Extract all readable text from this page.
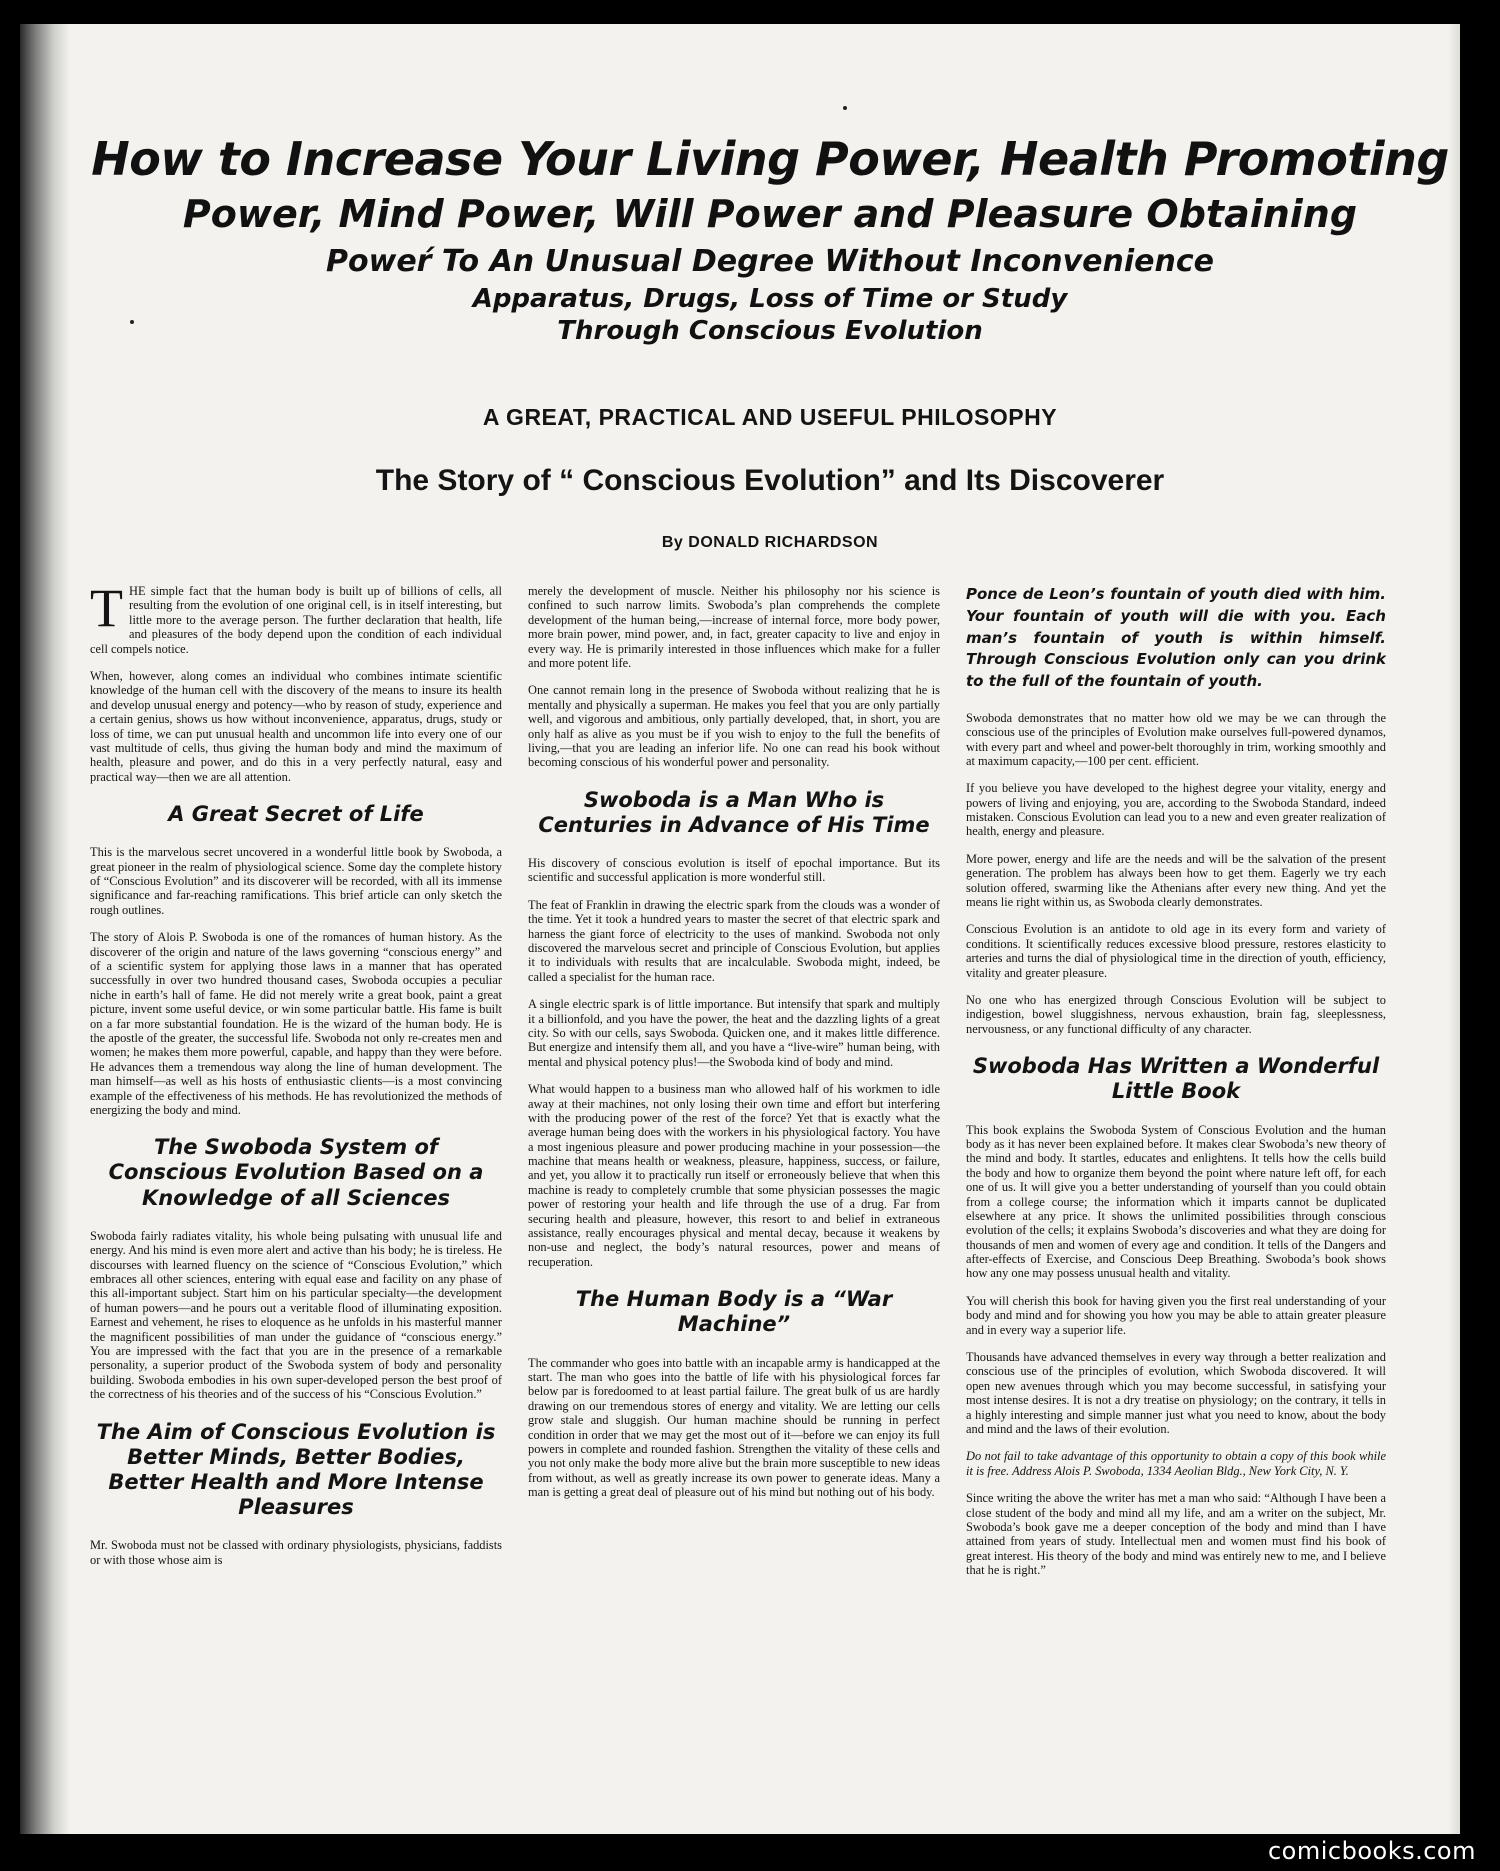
How to Increase Your Living Power, Health Promoting
Power, Mind Power, Will Power and Pleasure Obtaining
Poweŕ To An Unusual Degree Without Inconvenience
Apparatus, Drugs, Loss of Time or Study
Through Conscious Evolution
A GREAT, PRACTICAL AND USEFUL PHILOSOPHY
The Story of “ Conscious Evolution” and Its Discoverer
By DONALD RICHARDSON

THE simple fact that the human body is built up of billions of cells, all resulting from the evolution of one original cell, is in itself interesting, but little more to the average person. The further declaration that health, life and pleasures of the body depend upon the condition of each individual cell compels notice.

When, however, along comes an individual who combines intimate scientific knowledge of the human cell with the discovery of the means to insure its health and develop unusual energy and potency—who by reason of study, experience and a certain genius, shows us how without inconvenience, apparatus, drugs, study or loss of time, we can put unusual health and uncommon life into every one of our vast multitude of cells, thus giving the human body and mind the maximum of health, pleasure and power, and do this in a very perfectly natural, easy and practical way—then we are all attention.

A Great Secret of Life

This is the marvelous secret uncovered in a wonderful little book by Swoboda, a great pioneer in the realm of physiological science. Some day the complete history of “Conscious Evolution” and its discoverer will be recorded, with all its immense significance and far-reaching ramifications. This brief article can only sketch the rough outlines.

The story of Alois P. Swoboda is one of the romances of human history. As the discoverer of the origin and nature of the laws governing “conscious energy” and of a scientific system for applying those laws in a manner that has operated successfully in over two hundred thousand cases, Swoboda occupies a peculiar niche in earth’s hall of fame. He did not merely write a great book, paint a great picture, invent some useful device, or win some particular battle. His fame is built on a far more substantial foundation. He is the wizard of the human body. He is the apostle of the greater, the successful life. Swoboda not only re-creates men and women; he makes them more powerful, capable, and happy than they were before. He advances them a tremendous way along the line of human development. The man himself—as well as his hosts of enthusiastic clients—is a most convincing example of the effectiveness of his methods. He has revolutionized the methods of energizing the body and mind.

The Swoboda System of Conscious Evolution Based on a Knowledge of all Sciences

Swoboda fairly radiates vitality, his whole being pulsating with unusual life and energy. And his mind is even more alert and active than his body; he is tireless. He discourses with learned fluency on the science of “Conscious Evolution,” which embraces all other sciences, entering with equal ease and facility on any phase of this all-important subject. Start him on his particular specialty—the development of human powers—and he pours out a veritable flood of illuminating exposition. Earnest and vehement, he rises to eloquence as he unfolds in his masterful manner the magnificent possibilities of man under the guidance of “conscious energy.” You are impressed with the fact that you are in the presence of a remarkable personality, a superior product of the Swoboda system of body and personality building. Swoboda embodies in his own super-developed person the best proof of the correctness of his theories and of the success of his “Conscious Evolution.”

The Aim of Conscious Evolution is Better Minds, Better Bodies, Better Health and More Intense Pleasures

Mr. Swoboda must not be classed with ordinary physiologists, physicians, faddists or with those whose aim is

merely the development of muscle. Neither his philosophy nor his science is confined to such narrow limits. Swoboda’s plan comprehends the complete development of the human being,—increase of internal force, more body power, more brain power, mind power, and, in fact, greater capacity to live and enjoy in every way. He is primarily interested in those influences which make for a fuller and more potent life.

One cannot remain long in the presence of Swoboda without realizing that he is mentally and physically a superman. He makes you feel that you are only partially well, and vigorous and ambitious, only partially developed, that, in short, you are only half as alive as you must be if you wish to enjoy to the full the benefits of living,—that you are leading an inferior life. No one can read his book without becoming conscious of his wonderful power and personality.

Swoboda is a Man Who is Centuries in Advance of His Time

His discovery of conscious evolution is itself of epochal importance. But its scientific and successful application is more wonderful still.

The feat of Franklin in drawing the electric spark from the clouds was a wonder of the time. Yet it took a hundred years to master the secret of that electric spark and harness the giant force of electricity to the uses of mankind. Swoboda not only discovered the marvelous secret and principle of Conscious Evolution, but applies it to individuals with results that are incalculable. Swoboda might, indeed, be called a specialist for the human race.

A single electric spark is of little importance. But intensify that spark and multiply it a billionfold, and you have the power, the heat and the dazzling lights of a great city. So with our cells, says Swoboda. Quicken one, and it makes little difference. But energize and intensify them all, and you have a “live-wire” human being, with mental and physical potency plus!—the Swoboda kind of body and mind.

What would happen to a business man who allowed half of his workmen to idle away at their machines, not only losing their own time and effort but interfering with the producing power of the rest of the force? Yet that is exactly what the average human being does with the workers in his physiological factory. You have a most ingenious pleasure and power producing machine in your possession—the machine that means health or weakness, pleasure, happiness, success, or failure, and yet, you allow it to practically run itself or erroneously believe that when this machine is ready to completely crumble that some physician possesses the magic power of restoring your health and life through the use of a drug. Far from securing health and pleasure, however, this resort to and belief in extraneous assistance, really encourages physical and mental decay, because it weakens by non-use and neglect, the body’s natural resources, power and means of recuperation.

The Human Body is a “War Machine”

The commander who goes into battle with an incapable army is handicapped at the start. The man who goes into the battle of life with his physiological forces far below par is foredoomed to at least partial failure. The great bulk of us are hardly drawing on our tremendous stores of energy and vitality. We are letting our cells grow stale and sluggish. Our human machine should be running in perfect condition in order that we may get the most out of it—before we can enjoy its full powers in complete and rounded fashion. Strengthen the vitality of these cells and you not only make the body more alive but the brain more susceptible to new ideas from without, as well as greatly increase its own power to generate ideas. Many a man is getting a great deal of pleasure out of his mind but nothing out of his body.

Ponce de Leon’s fountain of youth died with him. Your fountain of youth will die with you. Each man’s fountain of youth is within himself. Through Conscious Evolution only can you drink to the full of the fountain of youth.

Swoboda demonstrates that no matter how old we may be we can through the conscious use of the principles of Evolution make ourselves full-powered dynamos, with every part and wheel and power-belt thoroughly in trim, working smoothly and at maximum capacity,—100 per cent. efficient.

If you believe you have developed to the highest degree your vitality, energy and powers of living and enjoying, you are, according to the Swoboda Standard, indeed mistaken. Conscious Evolution can lead you to a new and even greater realization of health, energy and pleasure.

More power, energy and life are the needs and will be the salvation of the present generation. The problem has always been how to get them. Eagerly we try each solution offered, swarming like the Athenians after every new thing. And yet the means lie right within us, as Swoboda clearly demonstrates.

Conscious Evolution is an antidote to old age in its every form and variety of conditions. It scientifically reduces excessive blood pressure, restores elasticity to arteries and turns the dial of physiological time in the direction of youth, efficiency, vitality and greater pleasure.

No one who has energized through Conscious Evolution will be subject to indigestion, bowel sluggishness, nervous exhaustion, brain fag, sleeplessness, nervousness, or any functional difficulty of any character.

Swoboda Has Written a Wonderful Little Book

This book explains the Swoboda System of Conscious Evolution and the human body as it has never been explained before. It makes clear Swoboda’s new theory of the mind and body. It startles, educates and enlightens. It tells how the cells build the body and how to organize them beyond the point where nature left off, for each one of us. It will give you a better understanding of yourself than you could obtain from a college course; the information which it imparts cannot be duplicated elsewhere at any price. It shows the unlimited possibilities through conscious evolution of the cells; it explains Swoboda’s discoveries and what they are doing for thousands of men and women of every age and condition. It tells of the Dangers and after-effects of Exercise, and Conscious Deep Breathing. Swoboda’s book shows how any one may possess unusual health and vitality.

You will cherish this book for having given you the first real understanding of your body and mind and for showing you how you may be able to attain greater pleasure and in every way a superior life.

Thousands have advanced themselves in every way through a better realization and conscious use of the principles of evolution, which Swoboda discovered. It will open new avenues through which you may become successful, in satisfying your most intense desires. It is not a dry treatise on physiology; on the contrary, it tells in a highly interesting and simple manner just what you need to know, about the body and mind and the laws of their evolution.

Do not fail to take advantage of this opportunity to obtain a copy of this book while it is free. Address Alois P. Swoboda, 1334 Aeolian Bldg., New York City, N. Y.

Since writing the above the writer has met a man who said: “Although I have been a close student of the body and mind all my life, and am a writer on the subject, Mr. Swoboda’s book gave me a deeper conception of the body and mind than I have attained from years of study. Intellectual men and women must find his book of great interest. His theory of the body and mind was entirely new to me, and I believe that he is right.”

comicbooks.com
